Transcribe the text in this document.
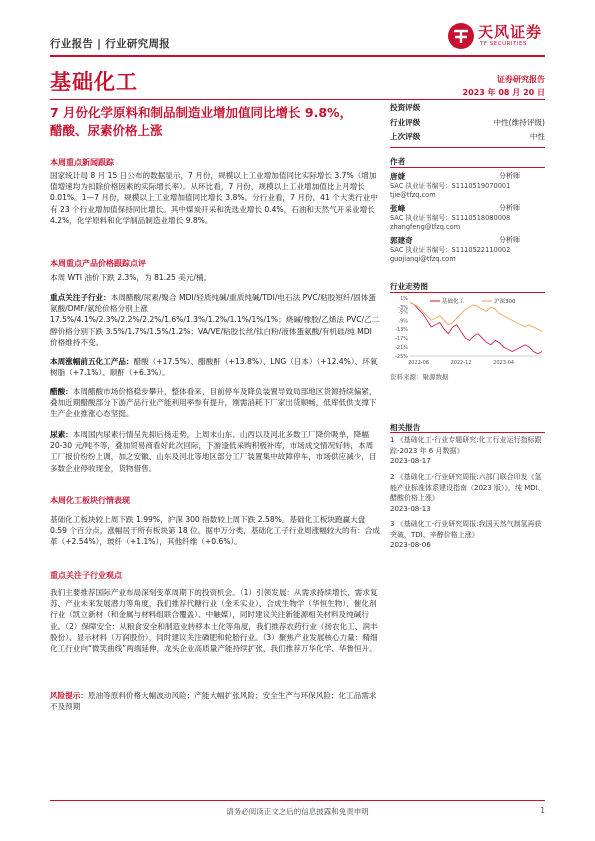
行业报告 | 行业研究周报
天风证券
TF SECURITIES
基础化工	证券研究报告
2023 年 08 月 20 日
7 月份化学原料和制品制造业增加值同比增长 9.8%，
醋酸、尿素价格上涨
本周重点新闻跟踪
国家统计局 8 月 15 日公布的数据显示，7 月份，规模以上工业增加值同比实际增长 3.7%（增加值增速均为扣除价格因素的实际增长率）。从环比看，7 月份，规模以上工业增加值比上月增长 0.01%。1—7 月份，规模以上工业增加值同比增长 3.8%。分行业看，7 月份，41 个大类行业中有 23 个行业增加值保持同比增长。其中煤炭开采和洗选业增长 0.4%，石油和天然气开采业增长 4.2%，化学原料和化学制品制造业增长 9.8%。
本周重点产品价格跟踪点评
本周 WTI 油价下跌 2.3%，为 81.25 美元/桶。
重点关注子行业：本周醋酸/尿素/聚合 MDI/轻质纯碱/重质纯碱/TDI/电石法 PVC/粘胶短纤/固体蛋氨酸/DMF/氨纶价格分别上涨 17.5%/4.1%/2.3%/2.2%/2.2%/1.6%/1.3%/1.2%/1.1%/1%/1%；烧碱/橡胶/乙烯法 PVC/乙二醇价格分别下跌 3.5%/1.7%/1.5%/1.2%；VA/VE/粘胶长丝/钛白粉/液体蛋氨酸/有机硅/纯 MDI 价格维持不变。
本周涨幅前五化工产品：醋酸（+17.5%）、醋酸酐（+13.8%）、LNG（日本）（+12.4%）、环氧树脂（+7.1%）、顺酐（+6.3%）。
醋酸：本周醋酸市场价格稳步攀升，整体看来，目前停车及降负装置导致局部地区货源持续偏紧，叠加近期醋酸部分下游产品行业产能利用率参有提升，刚需消耗下厂家出货顺畅，低库低供支撑下生产企业推涨心态坚挺。
尿素：本周国内尿素行情呈先抑后扬走势，上周末山东、山西以及河北多数工厂降价吸单，降幅 20-30 元/吨不等，叠加贸易商看好此次回际，下游逢低采购积极补库，市场成交情况好转，本周工厂报价纷纷上调，加之安徽、山东及河北等地区部分工厂装置集中故障停车，市场供应减少，目多数企业停收现金，货物惜售。
本周化工板块行情表现
基础化工板块较上周下跌 1.99%，沪深 300 指数较上周下跌 2.58%。基础化工板块跑赢大盘 0.59 个百分点，涨幅居于所有板块第 18 位。据申万分类，基础化工子行业周涨幅较大的有：合成革（+2.54%），玻纤（+1.1%），其他纤维（+0.6%）。
重点关注子行业观点
我们主要推荐国际产业布局深刻变革周期下的投资机会。（1）引领发展：从需求持续增长、需求复苏、产业未来发展潜力等角度，我们推荐代糖行业（金禾实业）、合成生物学（华恒生物）、催化剂行业（凯立新材（和金属与材料组联合覆盖）、中触媒），同时建议关注新能源相关材料及纯碱行业。（2）保障安全：从粮食安全和制造业转移本土化等角度，我们推荐农药行业（扬农化工、润丰股份）、显示材料（万润股份），同时建议关注磷肥和轮胎行业。（3）聚焦产业发展核心力量：精细化工行业向“微笑曲线”两端延伸，龙头企业高质量产能持续扩张，我们推荐万华化学、华鲁恒升。
风险提示：原油等原料价格大幅波动风险；产能大幅扩张风险；安全生产与环保风险；化工品需求不及预期
投资评级
行业评级	中性(维持评级)
上次评级	中性
作者
唐婕	分析师
SAC 执业证书编号：S1110519070001
tjie@tfzq.com
张峰	分析师
SAC 执业证书编号：S1110518080008
zhangfeng@tfzq.com
郭建奇	分析师
SAC 执业证书编号：S1110522110002
guojianqi@tfzq.com
行业走势图
1%
-3%
-5%
-9%
-13%
-17%
-21%
-25%
2022-08	2022-12	2023-04
基础化工	沪深300
资料来源：聚源数据
相关报告
1 《基础化工-行业专题研究:化工行业运行指标跟踪-2023 年 6 月数据》
2023-08-17
2 《基础化工-行业研究周报:六部门联合印发《氢能产业标准体系建设指南（2023 版）》，纯 MDI、醋酸价格上涨》
2023-08-13
3 《基础化工-行业研究周报:我国天然气制氢再获突破，TDI、辛醇价格上涨》
2023-08-06
请务必阅读正文之后的信息披露和免责申明	1
